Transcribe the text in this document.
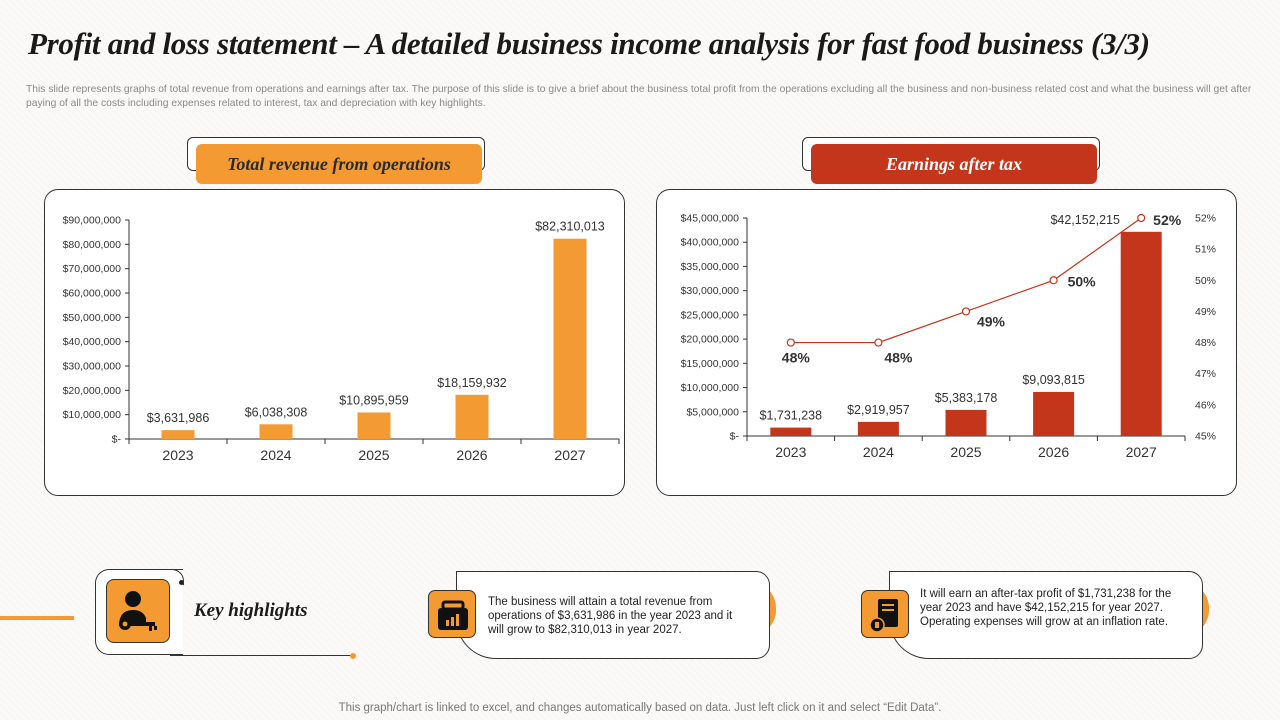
Profit and loss statement – A detailed business income analysis for fast food business (3/3)
This slide represents graphs of total revenue from operations and earnings after tax. The purpose of this slide is to give a brief about the business total profit from the operations excluding all the business and non-business related cost and what the business will get after paying of all the costs including expenses related to interest, tax and depreciation with key highlights.
Total revenue from operations
$-
$10,000,000
$20,000,000
$30,000,000
$40,000,000
$50,000,000
$60,000,000
$70,000,000
$80,000,000
$90,000,000
$3,631,986
2023
$6,038,308
2024
$10,895,959
2025
$18,159,932
2026
$82,310,013
2027
Earnings after tax
$-
$5,000,000
$10,000,000
$15,000,000
$20,000,000
$25,000,000
$30,000,000
$35,000,000
$40,000,000
$45,000,000
$1,731,238
2023
$2,919,957
2024
$5,383,178
2025
$9,093,815
2026
$42,152,215
2027
45%
46%
47%
48%
49%
50%
51%
52%
48%	48%
49%
50%
52%
Key highlights	The business will attain a total revenue from operations of $3,631,986 in the year 2023 and it will grow to $82,310,013 in year 2027.
It will earn an after-tax profit of $1,731,238 for the year 2023 and have $42,152,215 for year 2027. Operating expenses will grow at an inflation rate.
This graph/chart is linked to excel, and changes automatically based on data. Just left click on it and select “Edit Data”.
